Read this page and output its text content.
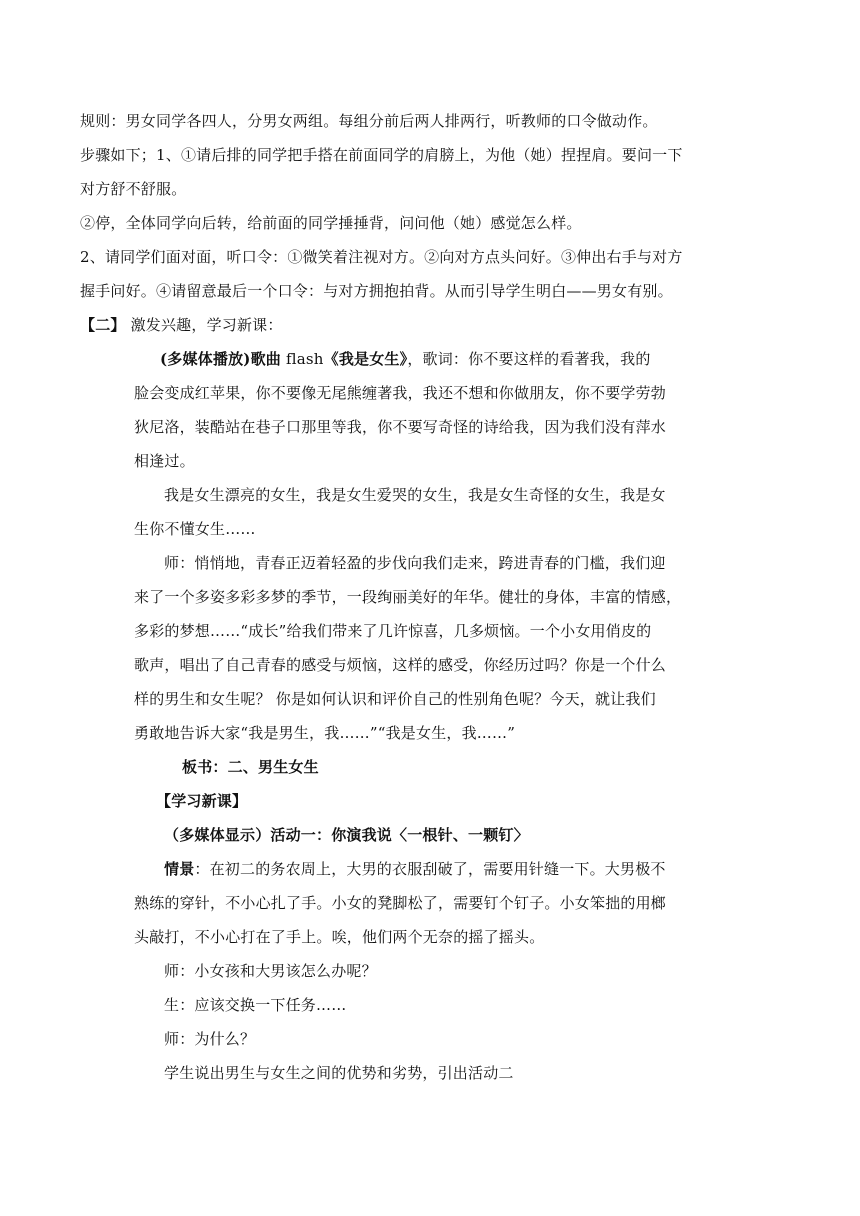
规则：男女同学各四人，分男女两组。每组分前后两人排两行，听教师的口令做动作。
步骤如下；1、①请后排的同学把手搭在前面同学的肩膀上，为他（她）捏捏肩。要问一下
对方舒不舒服。
②停，全体同学向后转，给前面的同学捶捶背，问问他（她）感觉怎么样。
2、请同学们面对面，听口令：①微笑着注视对方。②向对方点头问好。③伸出右手与对方
握手问好。④请留意最后一个口令：与对方拥抱拍背。从而引导学生明白——男女有别。
【二】 激发兴趣，学习新课：
(多媒体播放)歌曲 flash《我是女生》，歌词：你不要这样的看著我，我的
脸会变成红苹果，你不要像无尾熊缠著我，我还不想和你做朋友，你不要学劳勃
狄尼洛，装酷站在巷子口那里等我，你不要写奇怪的诗给我，因为我们没有萍水
相逢过。
我是女生漂亮的女生，我是女生爱哭的女生，我是女生奇怪的女生，我是女
生你不懂女生……
师：悄悄地，青春正迈着轻盈的步伐向我们走来，跨进青春的门槛，我们迎
来了一个多姿多彩多梦的季节，一段绚丽美好的年华。健壮的身体，丰富的情感，
多彩的梦想……“成长”给我们带来了几许惊喜，几多烦恼。一个小女用俏皮的
歌声，唱出了自己青春的感受与烦恼，这样的感受，你经历过吗？你是一个什么
样的男生和女生呢？ 你是如何认识和评价自己的性别角色呢？今天，就让我们
勇敢地告诉大家“我是男生，我……”“我是女生，我……”
板书：二、男生女生
【学习新课】
（多媒体显示）活动一：你演我说〈一根针、一颗钉〉
情景：在初二的务农周上，大男的衣服刮破了，需要用针缝一下。大男极不
熟练的穿针，不小心扎了手。小女的凳脚松了，需要钉个钉子。小女笨拙的用榔
头敲打，不小心打在了手上。唉，他们两个无奈的摇了摇头。
师：小女孩和大男该怎么办呢？
生：应该交换一下任务……
师：为什么？
学生说出男生与女生之间的优势和劣势，引出活动二
